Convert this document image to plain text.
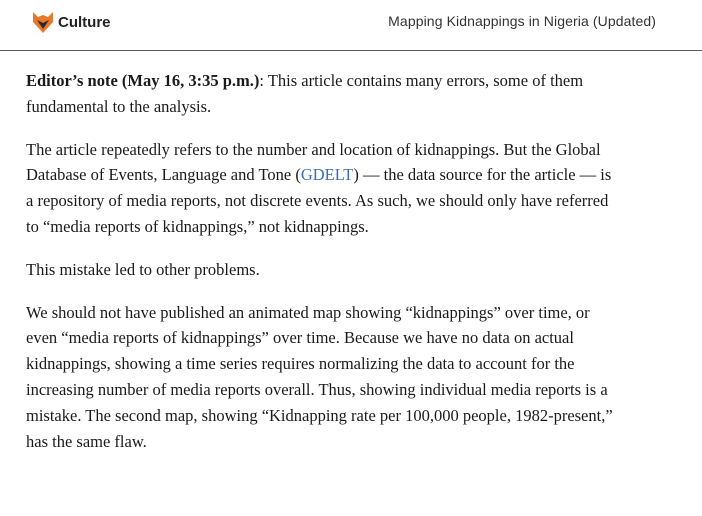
Culture	Mapping Kidnappings in Nigeria (Updated)

Editor’s note (May 16, 3:35 p.m.): This article contains many errors, some of them fundamental to the analysis.

The article repeatedly refers to the number and location of kidnappings. But the Global Database of Events, Language and Tone (GDELT) — the data source for the article — is a repository of media reports, not discrete events. As such, we should only have referred to “media reports of kidnappings,” not kidnappings.

This mistake led to other problems.

We should not have published an animated map showing “kidnappings” over time, or even “media reports of kidnappings” over time. Because we have no data on actual kidnappings, showing a time series requires normalizing the data to account for the increasing number of media reports overall. Thus, showing individual media reports is a mistake. The second map, showing “Kidnapping rate per 100,000 people, 1982-present,” has the same flaw.
